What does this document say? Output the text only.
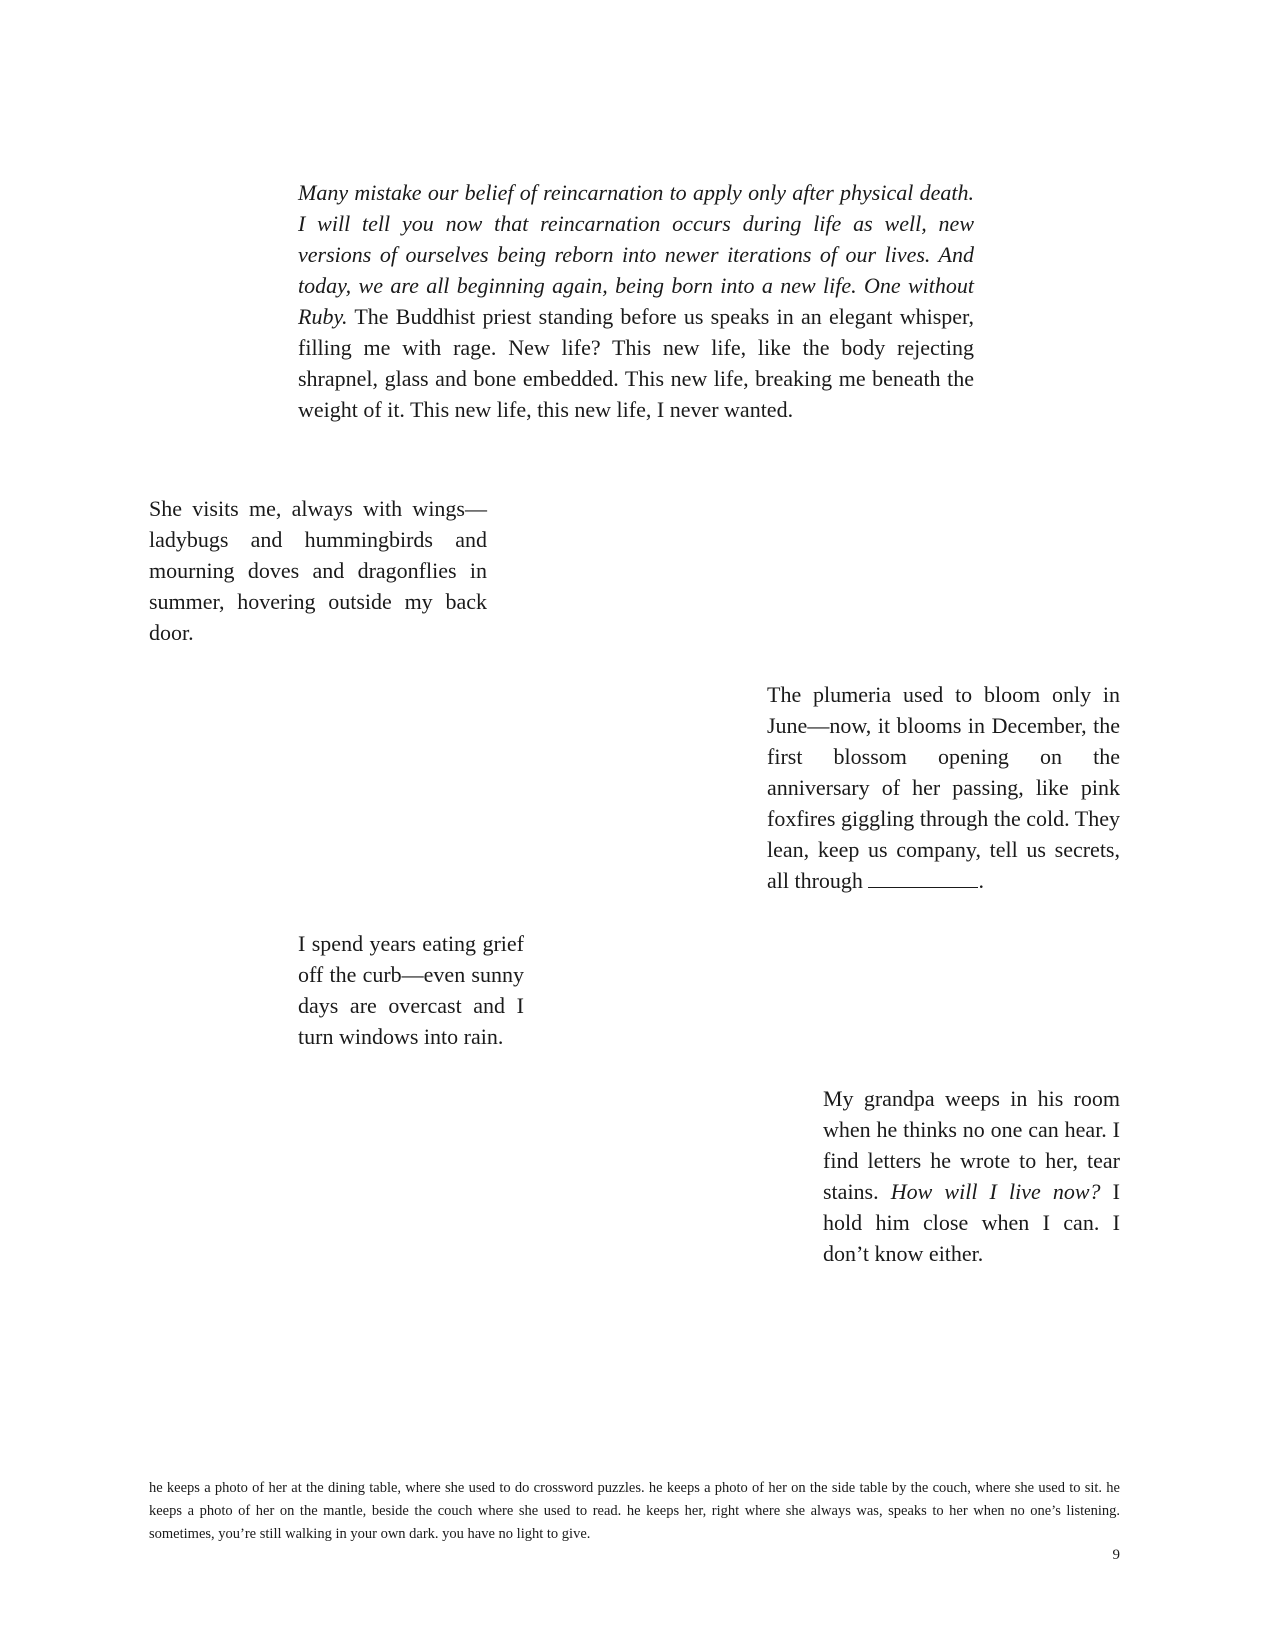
Many mistake our belief of reincarnation to apply only after physical death. I will tell you now that reincarnation occurs during life as well, new versions of ourselves being reborn into newer iterations of our lives. And today, we are all beginning again, being born into a new life. One without Ruby. The Buddhist priest standing before us speaks in an elegant whisper, filling me with rage. New life? This new life, like the body rejecting shrapnel, glass and bone embedded. This new life, breaking me beneath the weight of it. This new life, this new life, I never wanted.

She visits me, always with wings—ladybugs and hummingbirds and mourning doves and dragonflies in summer, hovering outside my back door.

The plumeria used to bloom only in June—now, it blooms in December, the first blossom opening on the anniversary of her passing, like pink foxfires giggling through the cold. They lean, keep us company, tell us secrets, all through	.

I spend years eating grief off the curb—even sunny days are overcast and I turn windows into rain.

My grandpa weeps in his room when he thinks no one can hear. I find letters he wrote to her, tear stains. How will I live now? I hold him close when I can. I don’t know either.

he keeps a photo of her at the dining table, where she used to do crossword puzzles. he keeps a photo of her on the side table by the couch, where she used to sit. he keeps a photo of her on the mantle, beside the couch where she used to read. he keeps her, right where she always was, speaks to her when no one’s listening. sometimes, you’re still walking in your own dark. you have no light to give.

9
